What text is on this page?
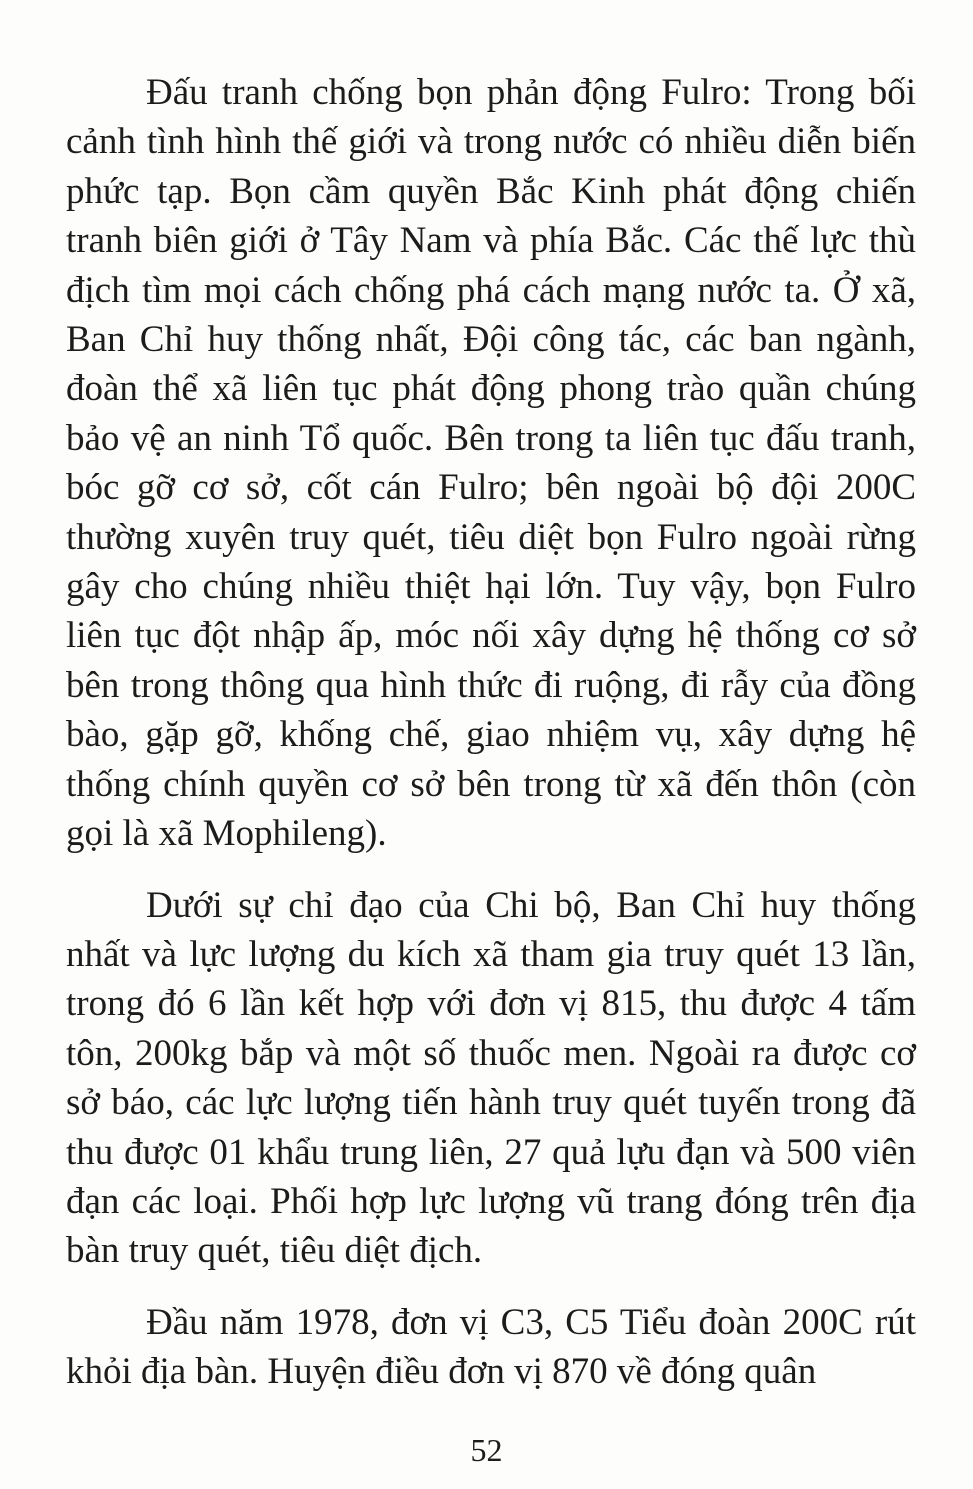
Đấu tranh chống bọn phản động Fulro: Trong bối cảnh tình hình thế giới và trong nước có nhiều diễn biến phức tạp. Bọn cầm quyền Bắc Kinh phát động chiến tranh biên giới ở Tây Nam và phía Bắc. Các thế lực thù địch tìm mọi cách chống phá cách mạng nước ta. Ở xã, Ban Chỉ huy thống nhất, Đội công tác, các ban ngành, đoàn thể xã liên tục phát động phong trào quần chúng bảo vệ an ninh Tổ quốc. Bên trong ta liên tục đấu tranh, bóc gỡ cơ sở, cốt cán Fulro; bên ngoài bộ đội 200C thường xuyên truy quét, tiêu diệt bọn Fulro ngoài rừng gây cho chúng nhiều thiệt hại lớn. Tuy vậy, bọn Fulro liên tục đột nhập ấp, móc nối xây dựng hệ thống cơ sở bên trong thông qua hình thức đi ruộng, đi rẫy của đồng bào, gặp gỡ, khống chế, giao nhiệm vụ, xây dựng hệ thống chính quyền cơ sở bên trong từ xã đến thôn (còn gọi là xã Mophileng).

Dưới sự chỉ đạo của Chi bộ, Ban Chỉ huy thống nhất và lực lượng du kích xã tham gia truy quét 13 lần, trong đó 6 lần kết hợp với đơn vị 815, thu được 4 tấm tôn, 200kg bắp và một số thuốc men. Ngoài ra được cơ sở báo, các lực lượng tiến hành truy quét tuyến trong đã thu được 01 khẩu trung liên, 27 quả lựu đạn và 500 viên đạn các loại. Phối hợp lực lượng vũ trang đóng trên địa bàn truy quét, tiêu diệt địch.

Đầu năm 1978, đơn vị C3, C5 Tiểu đoàn 200C rút khỏi địa bàn. Huyện điều đơn vị 870 về đóng quân

52
